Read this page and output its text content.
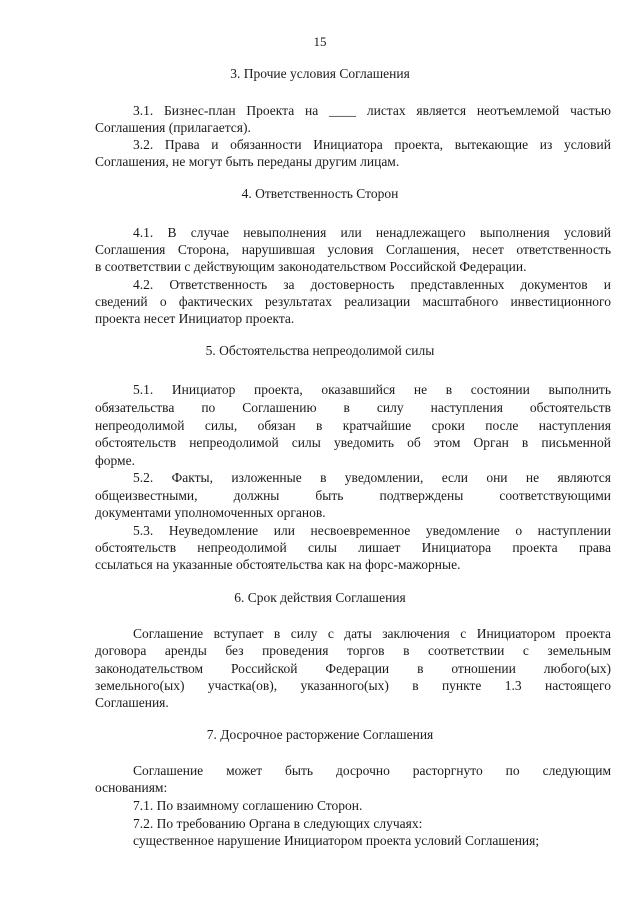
15
3. Прочие условия Соглашения
3.1. Бизнес-план Проекта на ____ листах является неотъемлемой частью
Соглашения (прилагается).
3.2. Права и обязанности Инициатора проекта, вытекающие из условий
Соглашения, не могут быть переданы другим лицам.
4. Ответственность Сторон
4.1. В случае невыполнения или ненадлежащего выполнения условий
Соглашения Сторона, нарушившая условия Соглашения, несет ответственность
в соответствии с действующим законодательством Российской Федерации.
4.2. Ответственность за достоверность представленных документов и
сведений о фактических результатах реализации масштабного инвестиционного
проекта несет Инициатор проекта.
5. Обстоятельства непреодолимой силы
5.1. Инициатор проекта, оказавшийся не в состоянии выполнить
обязательства по Соглашению в силу наступления обстоятельств
непреодолимой силы, обязан в кратчайшие сроки после наступления
обстоятельств непреодолимой силы уведомить об этом Орган в письменной
форме.
5.2. Факты, изложенные в уведомлении, если они не являются
общеизвестными, должны быть подтверждены соответствующими
документами уполномоченных органов.
5.3. Неуведомление или несвоевременное уведомление о наступлении
обстоятельств непреодолимой силы лишает Инициатора проекта права
ссылаться на указанные обстоятельства как на форс-мажорные.
6. Срок действия Соглашения
Соглашение вступает в силу с даты заключения с Инициатором проекта
договора аренды без проведения торгов в соответствии с земельным
законодательством Российской Федерации в отношении любого(ых)
земельного(ых) участка(ов), указанного(ых) в пункте 1.3 настоящего
Соглашения.
7. Досрочное расторжение Соглашения
Соглашение может быть досрочно расторгнуто по следующим
основаниям:
7.1. По взаимному соглашению Сторон.
7.2. По требованию Органа в следующих случаях:
существенное нарушение Инициатором проекта условий Соглашения;
